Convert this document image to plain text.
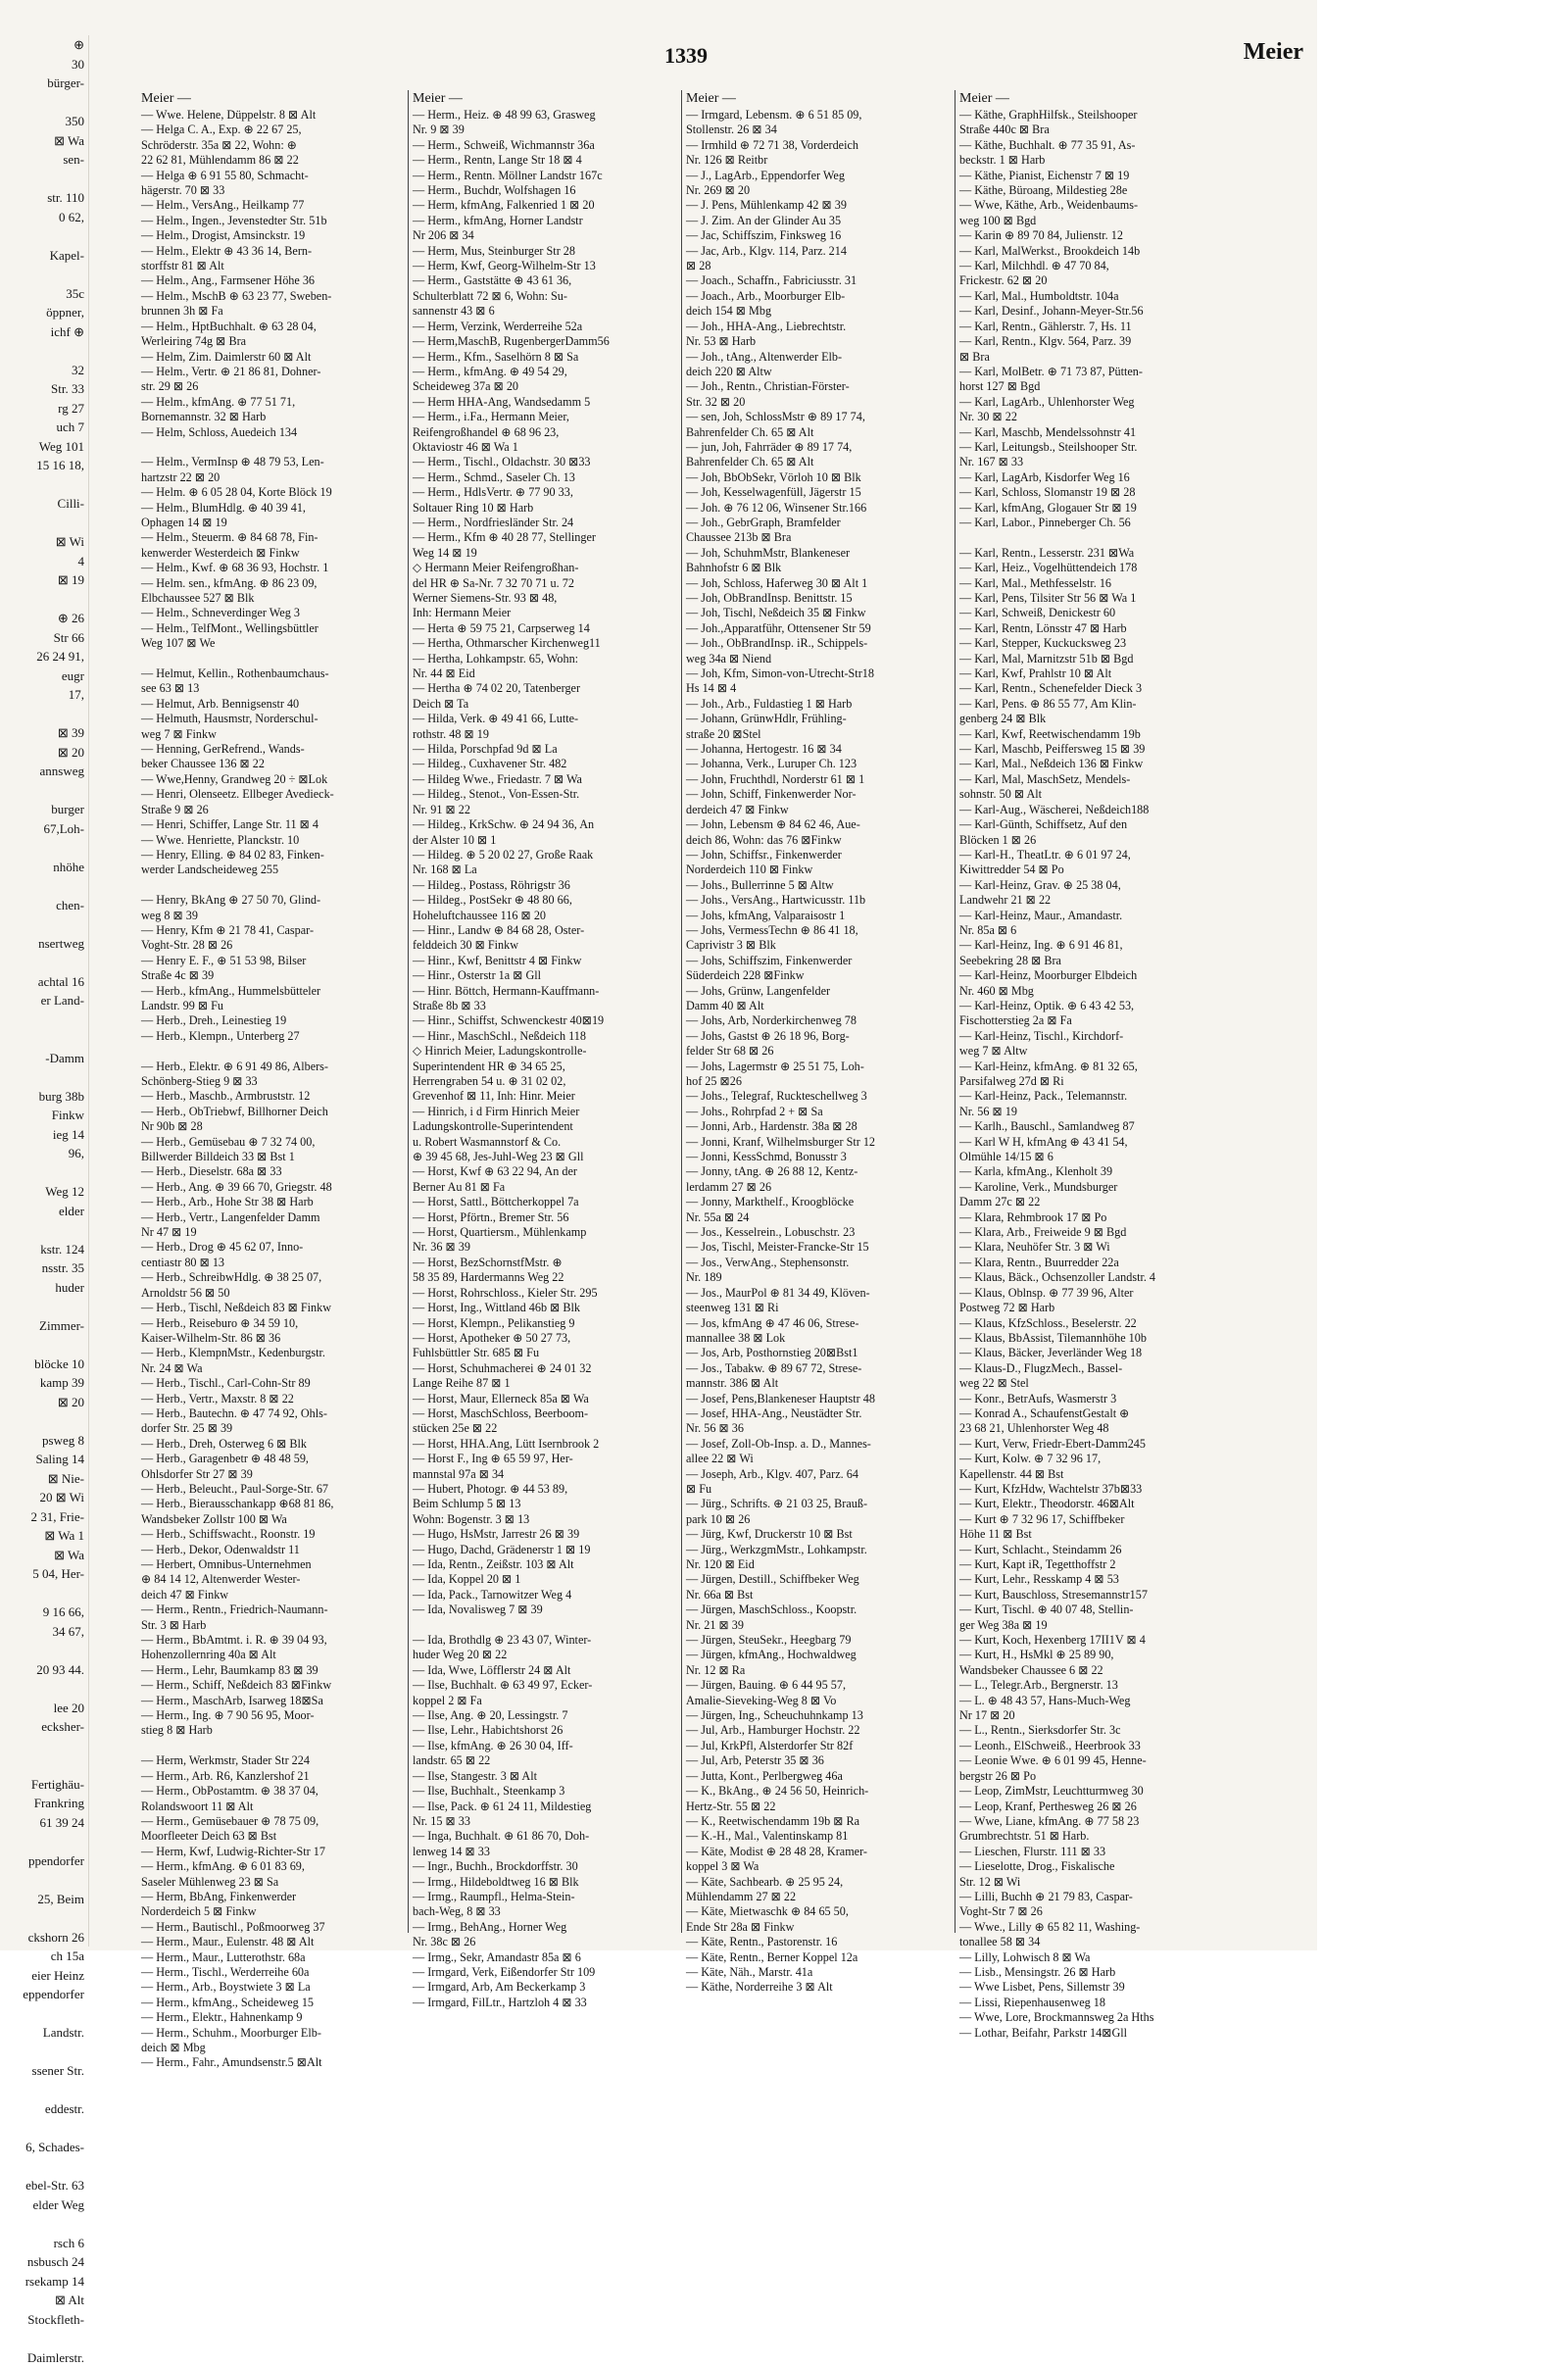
⊕
30
bürger-

350
⊠ Wa
sen-

str. 110
0 62,

Kapel-

35c
öppner,
ichf ⊕

32
Str. 33
rg 27
uch 7
Weg 101
15 16 18,

Cilli-

⊠ Wi
4
⊠ 19

⊕ 26
Str 66
26 24 91,
eugr
17,

⊠ 39
⊠ 20
annsweg

burger
67,Loh-

nhöhe

chen-

nsertweg

achtal 16
er Land-

-Damm

burg 38b
Finkw
ieg 14
96,

Weg 12
elder

kstr. 124
nsstr. 35
huder

Zimmer-

blöcke 10
kamp 39
⊠ 20

psweg 8
Saling 14
⊠ Nie-
20 ⊠ Wi
2 31, Frie-
⊠ Wa 1
⊠ Wa
5 04, Her-

9 16 66,
34 67,

20 93 44.

lee 20
ecksher-

Fertighäu-
Frankring
61 39 24

ppendorfer

25, Beim

ckshorn 26
ch 15a
eier Heinz
eppendorfer

Landstr.

ssener Str.

eddestr.

6, Schades-

ebel-Str. 63
elder Weg

rsch 6
nsbusch 24
rsekamp 14
⊠ Alt
Stockfleth-

Daimlerstr.
1339	Meier
Meier —
— Wwe. Helene, Düppelstr. 8 ⊠ Alt
— Helga C. A., Exp. ⊕ 22 67 25,
Schröderstr. 35a ⊠ 22, Wohn: ⊕
22 62 81, Mühlendamm 86 ⊠ 22
— Helga ⊕ 6 91 55 80, Schmacht-
hägerstr. 70 ⊠ 33
— Helm., VersAng., Heilkamp 77
— Helm., Ingen., Jevenstedter Str. 51b
— Helm., Drogist, Amsinckstr. 19
— Helm., Elektr ⊕ 43 36 14, Bern-
storffstr 81 ⊠ Alt
— Helm., Ang., Farmsener Höhe 36
— Helm., MschB ⊕ 63 23 77, Sweben-
brunnen 3h ⊠ Fa
— Helm., HptBuchhalt. ⊕ 63 28 04,
Werleiring 74g ⊠ Bra
— Helm, Zim. Daimlerstr 60 ⊠ Alt
— Helm., Vertr. ⊕ 21 86 81, Dohner-
str. 29 ⊠ 26
— Helm., kfmAng. ⊕ 77 51 71,
Bornemannstr. 32 ⊠ Harb
— Helm, Schloss, Auedeich 134

— Helm., VermInsp ⊕ 48 79 53, Len-
hartzstr 22 ⊠ 20
— Helm. ⊕ 6 05 28 04, Korte Blöck 19
— Helm., BlumHdlg. ⊕ 40 39 41,
Ophagen 14 ⊠ 19
— Helm., Steuerm. ⊕ 84 68 78, Fin-
kenwerder Westerdeich ⊠ Finkw
— Helm., Kwf. ⊕ 68 36 93, Hochstr. 1
— Helm. sen., kfmAng. ⊕ 86 23 09,
Elbchaussee 527 ⊠ Blk
— Helm., Schneverdinger Weg 3
— Helm., TelfMont., Wellingsbüttler
Weg 107 ⊠ We

— Helmut, Kellin., Rothenbaumchaus-
see 63 ⊠ 13
— Helmut, Arb. Bennigsenstr 40
— Helmuth, Hausmstr, Norderschul-
weg 7 ⊠ Finkw
— Henning, GerRefrend., Wands-
beker Chaussee 136 ⊠ 22
— Wwe,Henny, Grandweg 20 ÷ ⊠Lok
— Henri, Olenseetz. Ellbeger Avedieck-
Straße 9 ⊠ 26
— Henri, Schiffer, Lange Str. 11 ⊠ 4
— Wwe. Henriette, Planckstr. 10
— Henry, Elling. ⊕ 84 02 83, Finken-
werder Landscheideweg 255

— Henry, BkAng ⊕ 27 50 70, Glind-
weg 8 ⊠ 39
— Henry, Kfm ⊕ 21 78 41, Caspar-
Voght-Str. 28 ⊠ 26
— Henry E. F., ⊕ 51 53 98, Bilser
Straße 4c ⊠ 39
— Herb., kfmAng., Hummelsbütteler
Landstr. 99 ⊠ Fu
— Herb., Dreh., Leinestieg 19
— Herb., Klempn., Unterberg 27

— Herb., Elektr. ⊕ 6 91 49 86, Albers-
Schönberg-Stieg 9 ⊠ 33
— Herb., Maschb., Armbruststr. 12
— Herb., ObTriebwf, Billhorner Deich
Nr 90b ⊠ 28
— Herb., Gemüsebau ⊕ 7 32 74 00,
Billwerder Billdeich 33 ⊠ Bst 1
— Herb., Dieselstr. 68a ⊠ 33
— Herb., Ang. ⊕ 39 66 70, Griegstr. 48
— Herb., Arb., Hohe Str 38 ⊠ Harb
— Herb., Vertr., Langenfelder Damm
Nr 47 ⊠ 19
— Herb., Drog ⊕ 45 62 07, Inno-
centiastr 80 ⊠ 13
— Herb., SchreibwHdlg. ⊕ 38 25 07,
Arnoldstr 56 ⊠ 50
— Herb., Tischl, Neßdeich 83 ⊠ Finkw
— Herb., Reiseburo ⊕ 34 59 10,
Kaiser-Wilhelm-Str. 86 ⊠ 36
— Herb., KlempnMstr., Kedenburgstr.
Nr. 24 ⊠ Wa
— Herb., Tischl., Carl-Cohn-Str 89
— Herb., Vertr., Maxstr. 8 ⊠ 22
— Herb., Bautechn. ⊕ 47 74 92, Ohls-
dorfer Str. 25 ⊠ 39
— Herb., Dreh, Osterweg 6 ⊠ Blk
— Herb., Garagenbetr ⊕ 48 48 59,
Ohlsdorfer Str 27 ⊠ 39
— Herb., Beleucht., Paul-Sorge-Str. 67
— Herb., Bierausschankapp ⊕68 81 86,
Wandsbeker Zollstr 100 ⊠ Wa
— Herb., Schiffswacht., Roonstr. 19
— Herb., Dekor, Odenwaldstr 11
— Herbert, Omnibus-Unternehmen
⊕ 84 14 12, Altenwerder Wester-
deich 47 ⊠ Finkw
— Herm., Rentn., Friedrich-Naumann-
Str. 3 ⊠ Harb
— Herm., BbAmtmt. i. R. ⊕ 39 04 93,
Hohenzollernring 40a ⊠ Alt
— Herm., Lehr, Baumkamp 83 ⊠ 39
— Herm., Schiff, Neßdeich 83 ⊠Finkw
— Herm., MaschArb, Isarweg 18⊠Sa
— Herm., Ing. ⊕ 7 90 56 95, Moor-
stieg 8 ⊠ Harb

— Herm, Werkmstr, Stader Str 224
— Herm., Arb. R6, Kanzlershof 21
— Herm., ObPostamtm. ⊕ 38 37 04,
Rolandswoort 11 ⊠ Alt
— Herm., Gemüsebauer ⊕ 78 75 09,
Moorfleeter Deich 63 ⊠ Bst
— Herm, Kwf, Ludwig-Richter-Str 17
— Herm., kfmAng. ⊕ 6 01 83 69,
Saseler Mühlenweg 23 ⊠ Sa
— Herm, BbAng, Finkenwerder
Norderdeich 5 ⊠ Finkw
— Herm., Bautischl., Poßmoorweg 37
— Herm., Maur., Eulenstr. 48 ⊠ Alt
— Herm., Maur., Lutterothstr. 68a
— Herm., Tischl., Werderreihe 60a
— Herm., Arb., Boystwiete 3 ⊠ La
— Herm., kfmAng., Scheideweg 15
— Herm., Elektr., Hahnenkamp 9
— Herm., Schuhm., Moorburger Elb-
deich ⊠ Mbg
— Herm., Fahr., Amundsenstr.5 ⊠Alt
Meier —
— Herm., Heiz. ⊕ 48 99 63, Grasweg
Nr. 9 ⊠ 39
— Herm., Schweiß, Wichmannstr 36a
— Herm., Rentn, Lange Str 18 ⊠ 4
— Herm., Rentn. Möllner Landstr 167c
— Herm., Buchdr, Wolfshagen 16
— Herm, kfmAng, Falkenried 1 ⊠ 20
— Herm., kfmAng, Horner Landstr
Nr 206 ⊠ 34
— Herm, Mus, Steinburger Str 28
— Herm, Kwf, Georg-Wilhelm-Str 13
— Herm., Gaststätte ⊕ 43 61 36,
Schulterblatt 72 ⊠ 6, Wohn: Su-
sannenstr 43 ⊠ 6
— Herm, Verzink, Werderreihe 52a
— Herm,MaschB, RugenbergerDamm56
— Herm., Kfm., Saselhörn 8 ⊠ Sa
— Herm., kfmAng. ⊕ 49 54 29,
Scheideweg 37a ⊠ 20
— Herm HHA-Ang, Wandsedamm 5
— Herm., i.Fa., Hermann Meier,
Reifengroßhandel ⊕ 68 96 23,
Oktaviostr 46 ⊠ Wa 1
— Herm., Tischl., Oldachstr. 30 ⊠33
— Herm., Schmd., Saseler Ch. 13
— Herm., HdlsVertr. ⊕ 77 90 33,
Soltauer Ring 10 ⊠ Harb
— Herm., Nordfriesländer Str. 24
— Herm., Kfm ⊕ 40 28 77, Stellinger
Weg 14 ⊠ 19
◇ Hermann Meier Reifengroßhan-
del HR ⊕ Sa-Nr. 7 32 70 71 u. 72
Werner Siemens-Str. 93 ⊠ 48,
Inh: Hermann Meier
— Herta ⊕ 59 75 21, Carpserweg 14
— Hertha, Othmarscher Kirchenweg11
— Hertha, Lohkampstr. 65, Wohn:
Nr. 44 ⊠ Eid
— Hertha ⊕ 74 02 20, Tatenberger
Deich ⊠ Ta
— Hilda, Verk. ⊕ 49 41 66, Lutte-
rothstr. 48 ⊠ 19
— Hilda, Porschpfad 9d ⊠ La
— Hildeg., Cuxhavener Str. 482
— Hildeg Wwe., Friedastr. 7 ⊠ Wa
— Hildeg., Stenot., Von-Essen-Str.
Nr. 91 ⊠ 22
— Hildeg., KrkSchw. ⊕ 24 94 36, An
der Alster 10 ⊠ 1
— Hildeg. ⊕ 5 20 02 27, Große Raak
Nr. 168 ⊠ La
— Hildeg., Postass, Röhrigstr 36
— Hildeg., PostSekr ⊕ 48 80 66,
Hoheluftchaussee 116 ⊠ 20
— Hinr., Landw ⊕ 84 68 28, Oster-
felddeich 30 ⊠ Finkw
— Hinr., Kwf, Benittstr 4 ⊠ Finkw
— Hinr., Osterstr 1a ⊠ Gll
— Hinr. Böttch, Hermann-Kauffmann-
Straße 8b ⊠ 33
— Hinr., Schiffst, Schwenckestr 40⊠19
— Hinr., MaschSchl., Neßdeich 118
◇ Hinrich Meier, Ladungskontrolle-
Superintendent HR ⊕ 34 65 25,
Herrengraben 54 u. ⊕ 31 02 02,
Grevenhof ⊠ 11, Inh: Hinr. Meier
— Hinrich, i d Firm Hinrich Meier
Ladungskontrolle-Superintendent
u. Robert Wasmannstorf & Co.
⊕ 39 45 68, Jes-Juhl-Weg 23 ⊠ Gll
— Horst, Kwf ⊕ 63 22 94, An der
Berner Au 81 ⊠ Fa
— Horst, Sattl., Böttcherkoppel 7a
— Horst, Pförtn., Bremer Str. 56
— Horst, Quartiersm., Mühlenkamp
Nr. 36 ⊠ 39
— Horst, BezSchornstfMstr. ⊕
58 35 89, Hardermanns Weg 22
— Horst, Rohrschloss., Kieler Str. 295
— Horst, Ing., Wittland 46b ⊠ Blk
— Horst, Klempn., Pelikanstieg 9
— Horst, Apotheker ⊕ 50 27 73,
Fuhlsbüttler Str. 685 ⊠ Fu
— Horst, Schuhmacherei ⊕ 24 01 32
Lange Reihe 87 ⊠ 1
— Horst, Maur, Ellerneck 85a ⊠ Wa
— Horst, MaschSchloss, Beerboom-
stücken 25e ⊠ 22
— Horst, HHA.Ang, Lütt Isernbrook 2
— Horst F., Ing ⊕ 65 59 97, Her-
mannstal 97a ⊠ 34
— Hubert, Photogr. ⊕ 44 53 89,
Beim Schlump 5 ⊠ 13
Wohn: Bogenstr. 3 ⊠ 13
— Hugo, HsMstr, Jarrestr 26 ⊠ 39
— Hugo, Dachd, Grädenerstr 1 ⊠ 19
— Ida, Rentn., Zeißstr. 103 ⊠ Alt
— Ida, Koppel 20 ⊠ 1
— Ida, Pack., Tarnowitzer Weg 4
— Ida, Novalisweg 7 ⊠ 39

— Ida, Brothdlg ⊕ 23 43 07, Winter-
huder Weg 20 ⊠ 22
— Ida, Wwe, Löfflerstr 24 ⊠ Alt
— Ilse, Buchhalt. ⊕ 63 49 97, Ecker-
koppel 2 ⊠ Fa
— Ilse, Ang. ⊕ 20, Lessingstr. 7
— Ilse, Lehr., Habichtshorst 26
— Ilse, kfmAng. ⊕ 26 30 04, Iff-
landstr. 65 ⊠ 22
— Ilse, Stangestr. 3 ⊠ Alt
— Ilse, Buchhalt., Steenkamp 3
— Ilse, Pack. ⊕ 61 24 11, Mildestieg
Nr. 15 ⊠ 33
— Inga, Buchhalt. ⊕ 61 86 70, Doh-
lenweg 14 ⊠ 33
— Ingr., Buchh., Brockdorffstr. 30
— Irmg., Hildeboldtweg 16 ⊠ Blk
— Irmg., Raumpfl., Helma-Stein-
bach-Weg, 8 ⊠ 33
— Irmg., BehAng., Horner Weg
Nr. 38c ⊠ 26
— Irmg., Sekr, Amandastr 85a ⊠ 6
— Irmgard, Verk, Eißendorfer Str 109
— Irmgard, Arb, Am Beckerkamp 3
— Irmgard, FilLtr., Hartzloh 4 ⊠ 33
Meier —
— Irmgard, Lebensm. ⊕ 6 51 85 09,
Stollenstr. 26 ⊠ 34
— Irmhild ⊕ 72 71 38, Vorderdeich
Nr. 126 ⊠ Reitbr
— J., LagArb., Eppendorfer Weg
Nr. 269 ⊠ 20
— J. Pens, Mühlenkamp 42 ⊠ 39
— J. Zim. An der Glinder Au 35
— Jac, Schiffszim, Finksweg 16
— Jac, Arb., Klgv. 114, Parz. 214
⊠ 28
— Joach., Schaffn., Fabriciusstr. 31
— Joach., Arb., Moorburger Elb-
deich 154 ⊠ Mbg
— Joh., HHA-Ang., Liebrechtstr.
Nr. 53 ⊠ Harb
— Joh., tAng., Altenwerder Elb-
deich 220 ⊠ Altw
— Joh., Rentn., Christian-Förster-
Str. 32 ⊠ 20
— sen, Joh, SchlossMstr ⊕ 89 17 74,
Bahrenfelder Ch. 65 ⊠ Alt
— jun, Joh, Fahrräder ⊕ 89 17 74,
Bahrenfelder Ch. 65 ⊠ Alt
— Joh, BbObSekr, Vörloh 10 ⊠ Blk
— Joh, Kesselwagenfüll, Jägerstr 15
— Joh. ⊕ 76 12 06, Winsener Str.166
— Joh., GebrGraph, Bramfelder
Chaussee 213b ⊠ Bra
— Joh, SchuhmMstr, Blankeneser
Bahnhofstr 6 ⊠ Blk
— Joh, Schloss, Haferweg 30 ⊠ Alt 1
— Joh, ObBrandInsp. Benittstr. 15
— Joh, Tischl, Neßdeich 35 ⊠ Finkw
— Joh.,Apparatführ, Ottensener Str 59
— Joh., ObBrandInsp. iR., Schippels-
weg 34a ⊠ Niend
— Joh, Kfm, Simon-von-Utrecht-Str18
Hs 14 ⊠ 4
— Joh., Arb., Fuldastieg 1 ⊠ Harb
— Johann, GrünwHdlr, Frühling-
straße 20 ⊠Stel
— Johanna, Hertogestr. 16 ⊠ 34
— Johanna, Verk., Luruper Ch. 123
— John, Fruchthdl, Norderstr 61 ⊠ 1
— John, Schiff, Finkenwerder Nor-
derdeich 47 ⊠ Finkw
— John, Lebensm ⊕ 84 62 46, Aue-
deich 86, Wohn: das 76 ⊠Finkw
— John, Schiffsr., Finkenwerder
Norderdeich 110 ⊠ Finkw
— Johs., Bullerrinne 5 ⊠ Altw
— Johs., VersAng., Hartwicusstr. 11b
— Johs, kfmAng, Valparaisostr 1
— Johs, VermessTechn ⊕ 86 41 18,
Caprivistr 3 ⊠ Blk
— Johs, Schiffszim, Finkenwerder
Süderdeich 228 ⊠Finkw
— Johs, Grünw, Langenfelder
Damm 40 ⊠ Alt
— Johs, Arb, Norderkirchenweg 78
— Johs, Gastst ⊕ 26 18 96, Borg-
felder Str 68 ⊠ 26
— Johs, Lagermstr ⊕ 25 51 75, Loh-
hof 25 ⊠26
— Johs., Telegraf, Ruckteschellweg 3
— Johs., Rohrpfad 2 + ⊠ Sa
— Jonni, Arb., Hardenstr. 38a ⊠ 28
— Jonni, Kranf, Wilhelmsburger Str 12
— Jonni, KessSchmd, Bonusstr 3
— Jonny, tAng. ⊕ 26 88 12, Kentz-
lerdamm 27 ⊠ 26
— Jonny, Markthelf., Kroogblöcke
Nr. 55a ⊠ 24
— Jos., Kesselrein., Lobuschstr. 23
— Jos, Tischl, Meister-Francke-Str 15
— Jos., VerwAng., Stephensonstr.
Nr. 189
— Jos., MaurPol ⊕ 81 34 49, Klöven-
steenweg 131 ⊠ Ri
— Jos, kfmAng ⊕ 47 46 06, Strese-
mannallee 38 ⊠ Lok
— Jos, Arb, Posthornstieg 20⊠Bst1
— Jos., Tabakw. ⊕ 89 67 72, Strese-
mannstr. 386 ⊠ Alt
— Josef, Pens,Blankeneser Hauptstr 48
— Josef, HHA-Ang., Neustädter Str.
Nr. 56 ⊠ 36
— Josef, Zoll-Ob-Insp. a. D., Mannes-
allee 22 ⊠ Wi
— Joseph, Arb., Klgv. 407, Parz. 64
⊠ Fu
— Jürg., Schrifts. ⊕ 21 03 25, Brauß-
park 10 ⊠ 26
— Jürg, Kwf, Druckerstr 10 ⊠ Bst
— Jürg., WerkzgmMstr., Lohkampstr.
Nr. 120 ⊠ Eid
— Jürgen, Destill., Schiffbeker Weg
Nr. 66a ⊠ Bst
— Jürgen, MaschSchloss., Koopstr.
Nr. 21 ⊠ 39
— Jürgen, SteuSekr., Heegbarg 79
— Jürgen, kfmAng., Hochwaldweg
Nr. 12 ⊠ Ra
— Jürgen, Bauing. ⊕ 6 44 95 57,
Amalie-Sieveking-Weg 8 ⊠ Vo
— Jürgen, Ing., Scheuchuhnkamp 13
— Jul, Arb., Hamburger Hochstr. 22
— Jul, KrkPfl, Alsterdorfer Str 82f
— Jul, Arb, Peterstr 35 ⊠ 36
— Jutta, Kont., Perlbergweg 46a
— K., BkAng., ⊕ 24 56 50, Heinrich-
Hertz-Str. 55 ⊠ 22
— K., Reetwischendamm 19b ⊠ Ra
— K.-H., Mal., Valentinskamp 81
— Käte, Modist ⊕ 28 48 28, Kramer-
koppel 3 ⊠ Wa
— Käte, Sachbearb. ⊕ 25 95 24,
Mühlendamm 27 ⊠ 22
— Käte, Mietwaschk ⊕ 84 65 50,
Ende Str 28a ⊠ Finkw
— Käte, Rentn., Pastorenstr. 16
— Käte, Rentn., Berner Koppel 12a
— Käte, Näh., Marstr. 41a
— Käthe, Norderreihe 3 ⊠ Alt
Meier —
— Käthe, GraphHilfsk., Steilshooper
Straße 440c ⊠ Bra
— Käthe, Buchhalt. ⊕ 77 35 91, As-
beckstr. 1 ⊠ Harb
— Käthe, Pianist, Eichenstr 7 ⊠ 19
— Käthe, Büroang, Mildestieg 28e
— Wwe, Käthe, Arb., Weidenbaums-
weg 100 ⊠ Bgd
— Karin ⊕ 89 70 84, Julienstr. 12
— Karl, MalWerkst., Brookdeich 14b
— Karl, Milchhdl. ⊕ 47 70 84,
Frickestr. 62 ⊠ 20
— Karl, Mal., Humboldtstr. 104a
— Karl, Desinf., Johann-Meyer-Str.56
— Karl, Rentn., Gählerstr. 7, Hs. 11
— Karl, Rentn., Klgv. 564, Parz. 39
⊠ Bra
— Karl, MolBetr. ⊕ 71 73 87, Pütten-
horst 127 ⊠ Bgd
— Karl, LagArb., Uhlenhorster Weg
Nr. 30 ⊠ 22
— Karl, Maschb, Mendelssohnstr 41
— Karl, Leitungsb., Steilshooper Str.
Nr. 167 ⊠ 33
— Karl, LagArb, Kisdorfer Weg 16
— Karl, Schloss, Slomanstr 19 ⊠ 28
— Karl, kfmAng, Glogauer Str ⊠ 19
— Karl, Labor., Pinneberger Ch. 56

— Karl, Rentn., Lesserstr. 231 ⊠Wa
— Karl, Heiz., Vogelhüttendeich 178
— Karl, Mal., Methfesselstr. 16
— Karl, Pens, Tilsiter Str 56 ⊠ Wa 1
— Karl, Schweiß, Denickestr 60
— Karl, Rentn, Lönsstr 47 ⊠ Harb
— Karl, Stepper, Kuckucksweg 23
— Karl, Mal, Marnitzstr 51b ⊠ Bgd
— Karl, Kwf, Prahlstr 10 ⊠ Alt
— Karl, Rentn., Schenefelder Dieck 3
— Karl, Pens. ⊕ 86 55 77, Am Klin-
genberg 24 ⊠ Blk
— Karl, Kwf, Reetwischendamm 19b
— Karl, Maschb, Peiffersweg 15 ⊠ 39
— Karl, Mal., Neßdeich 136 ⊠ Finkw
— Karl, Mal, MaschSetz, Mendels-
sohnstr. 50 ⊠ Alt
— Karl-Aug., Wäscherei, Neßdeich188
— Karl-Günth, Schiffsetz, Auf den
Blöcken 1 ⊠ 26
— Karl-H., TheatLtr. ⊕ 6 01 97 24,
Kiwittredder 54 ⊠ Po
— Karl-Heinz, Grav. ⊕ 25 38 04,
Landwehr 21 ⊠ 22
— Karl-Heinz, Maur., Amandastr.
Nr. 85a ⊠ 6
— Karl-Heinz, Ing. ⊕ 6 91 46 81,
Seebekring 28 ⊠ Bra
— Karl-Heinz, Moorburger Elbdeich
Nr. 460 ⊠ Mbg
— Karl-Heinz, Optik. ⊕ 6 43 42 53,
Fischotterstieg 2a ⊠ Fa
— Karl-Heinz, Tischl., Kirchdorf-
weg 7 ⊠ Altw
— Karl-Heinz, kfmAng. ⊕ 81 32 65,
Parsifalweg 27d ⊠ Ri
— Karl-Heinz, Pack., Telemannstr.
Nr. 56 ⊠ 19
— Karlh., Bauschl., Samlandweg 87
— Karl W H, kfmAng ⊕ 43 41 54,
Olmühle 14/15 ⊠ 6
— Karla, kfmAng., Klenholt 39
— Karoline, Verk., Mundsburger
Damm 27c ⊠ 22
— Klara, Rehmbrook 17 ⊠ Po
— Klara, Arb., Freiweide 9 ⊠ Bgd
— Klara, Neuhöfer Str. 3 ⊠ Wi
— Klara, Rentn., Buurredder 22a
— Klaus, Bäck., Ochsenzoller Landstr. 4
— Klaus, Oblnsp. ⊕ 77 39 96, Alter
Postweg 72 ⊠ Harb
— Klaus, KfzSchloss., Beselerstr. 22
— Klaus, BbAssist, Tilemannhöhe 10b
— Klaus, Bäcker, Jeverländer Weg 18
— Klaus-D., FlugzMech., Bassel-
weg 22 ⊠ Stel
— Konr., BetrAufs, Wasmerstr 3
— Konrad A., SchaufenstGestalt ⊕
23 68 21, Uhlenhorster Weg 48
— Kurt, Verw, Friedr-Ebert-Damm245
— Kurt, Kolw. ⊕ 7 32 96 17,
Kapellenstr. 44 ⊠ Bst
— Kurt, KfzHdw, Wachtelstr 37b⊠33
— Kurt, Elektr., Theodorstr. 46⊠Alt
— Kurt ⊕ 7 32 96 17, Schiffbeker
Höhe 11 ⊠ Bst
— Kurt, Schlacht., Steindamm 26
— Kurt, Kapt iR, Tegetthoffstr 2
— Kurt, Lehr., Resskamp 4 ⊠ 53
— Kurt, Bauschloss, Stresemannstr157
— Kurt, Tischl. ⊕ 40 07 48, Stellin-
ger Weg 38a ⊠ 19
— Kurt, Koch, Hexenberg 17II1V ⊠ 4
— Kurt, H., HsMkl ⊕ 25 89 90,
Wandsbeker Chaussee 6 ⊠ 22
— L., Telegr.Arb., Bergnerstr. 13
— L. ⊕ 48 43 57, Hans-Much-Weg
Nr 17 ⊠ 20
— L., Rentn., Sierksdorfer Str. 3c
— Leonh., ElSchweiß., Heerbrook 33
— Leonie Wwe. ⊕ 6 01 99 45, Henne-
bergstr 26 ⊠ Po
— Leop, ZimMstr, Leuchtturmweg 30
— Leop, Kranf, Perthesweg 26 ⊠ 26
— Wwe, Liane, kfmAng. ⊕ 77 58 23
Grumbrechtstr. 51 ⊠ Harb.
— Lieschen, Flurstr. 111 ⊠ 33
— Lieselotte, Drog., Fiskalische
Str. 12 ⊠ Wi
— Lilli, Buchh ⊕ 21 79 83, Caspar-
Voght-Str 7 ⊠ 26
— Wwe., Lilly ⊕ 65 82 11, Washing-
tonallee 58 ⊠ 34
— Lilly, Lohwisch 8 ⊠ Wa
— Lisb., Mensingstr. 26 ⊠ Harb
— Wwe Lisbet, Pens, Sillemstr 39
— Lissi, Riepenhausenweg 18
— Wwe, Lore, Brockmannsweg 2a Hths
— Lothar, Beifahr, Parkstr 14⊠Gll
